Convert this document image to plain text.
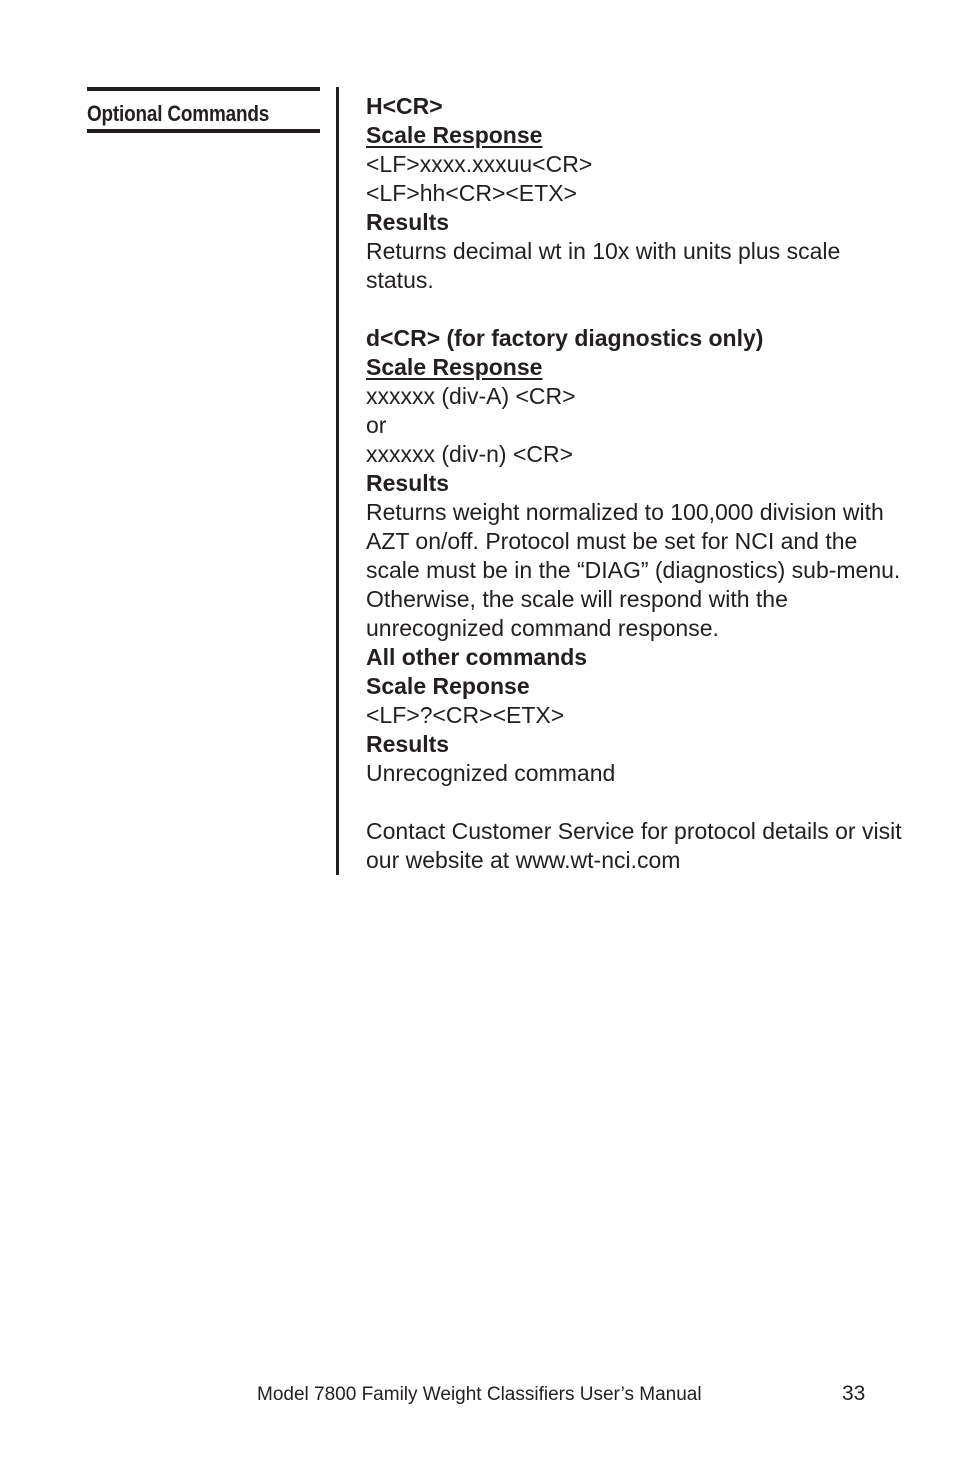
Optional Commands	H<CR>
Scale Response
<LF>xxxx.xxxuu<CR>
<LF>hh<CR><ETX>
Results
Returns decimal wt in 10x with units plus scale status.
d<CR> (for factory diagnostics only)
Scale Response
xxxxxx (div-A) <CR>
or
xxxxxx (div-n) <CR>
Results
Returns weight normalized to 100,000 division with AZT on/off. Protocol must be set for NCI and the scale must be in the “DIAG” (diagnostics) sub-menu. Otherwise, the scale will respond with the unrecognized command response.
All other commands
Scale Reponse
<LF>?<CR><ETX>
Results
Unrecognized command
Contact Customer Service for protocol details or visit our website at www.wt-nci.com
Model 7800 Family Weight Classifiers User’s Manual	33
